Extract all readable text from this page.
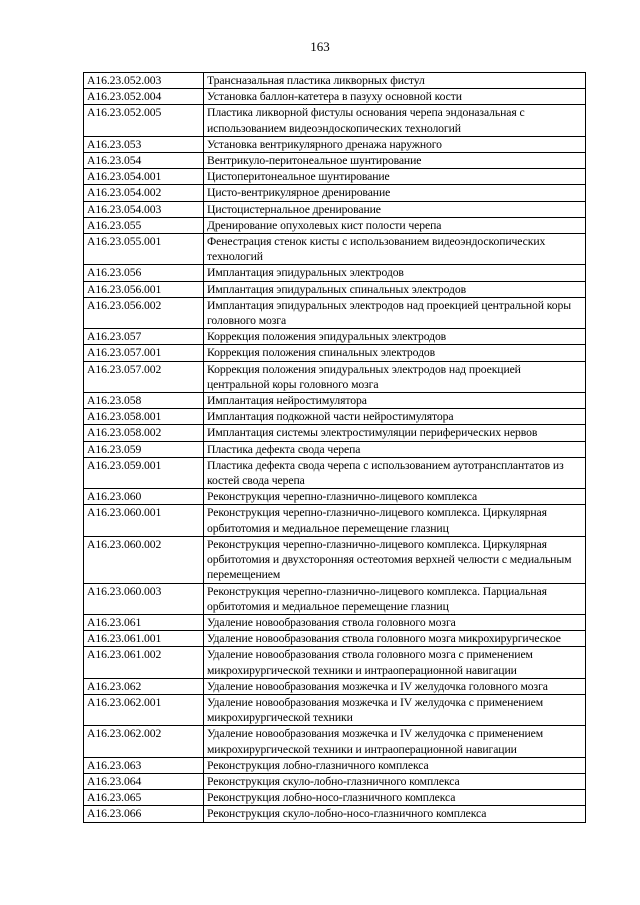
163
A16.23.052.003	Трансназальная пластика ликворных фистул
A16.23.052.004	Установка баллон-катетера в пазуху основной кости
A16.23.052.005	Пластика ликворной фистулы основания черепа эндоназальная с использованием видеоэндоскопических технологий
A16.23.053	Установка вентрикулярного дренажа наружного
A16.23.054	Вентрикуло-перитонеальное шунтирование
A16.23.054.001	Цистоперитонеальное шунтирование
A16.23.054.002	Цисто-вентрикулярное дренирование
A16.23.054.003	Цистоцистернальное дренирование
A16.23.055	Дренирование опухолевых кист полости черепа
A16.23.055.001	Фенестрация стенок кисты с использованием видеоэндоскопических технологий
A16.23.056	Имплантация эпидуральных электродов
A16.23.056.001	Имплантация эпидуральных спинальных электродов
A16.23.056.002	Имплантация эпидуральных электродов над проекцией центральной коры головного мозга
A16.23.057	Коррекция положения эпидуральных электродов
A16.23.057.001	Коррекция положения спинальных электродов
A16.23.057.002	Коррекция положения эпидуральных электродов над проекцией центральной коры головного мозга
A16.23.058	Имплантация нейростимулятора
A16.23.058.001	Имплантация подкожной части нейростимулятора
A16.23.058.002	Имплантация системы электростимуляции периферических нервов
A16.23.059	Пластика дефекта свода черепа
A16.23.059.001	Пластика дефекта свода черепа с использованием аутотрансплантатов из костей свода черепа
A16.23.060	Реконструкция черепно-глазнично-лицевого комплекса
A16.23.060.001	Реконструкция черепно-глазнично-лицевого комплекса. Циркулярная орбитотомия и медиальное перемещение глазниц
A16.23.060.002	Реконструкция черепно-глазнично-лицевого комплекса. Циркулярная орбитотомия и двухсторонняя остеотомия верхней челюсти с медиальным перемещением
A16.23.060.003	Реконструкция черепно-глазнично-лицевого комплекса. Парциальная орбитотомия и медиальное перемещение глазниц
A16.23.061	Удаление новообразования ствола головного мозга
A16.23.061.001	Удаление новообразования ствола головного мозга микрохирургическое
A16.23.061.002	Удаление новообразования ствола головного мозга с применением микрохирургической техники и интраоперационной навигации
A16.23.062	Удаление новообразования мозжечка и IV желудочка головного мозга
A16.23.062.001	Удаление новообразования мозжечка и IV желудочка с применением микрохирургической техники
A16.23.062.002	Удаление новообразования мозжечка и IV желудочка с применением микрохирургической техники и интраоперационной навигации
A16.23.063	Реконструкция лобно-глазничного комплекса
A16.23.064	Реконструкция скуло-лобно-глазничного комплекса
A16.23.065	Реконструкция лобно-носо-глазничного комплекса
A16.23.066	Реконструкция скуло-лобно-носо-глазничного комплекса
